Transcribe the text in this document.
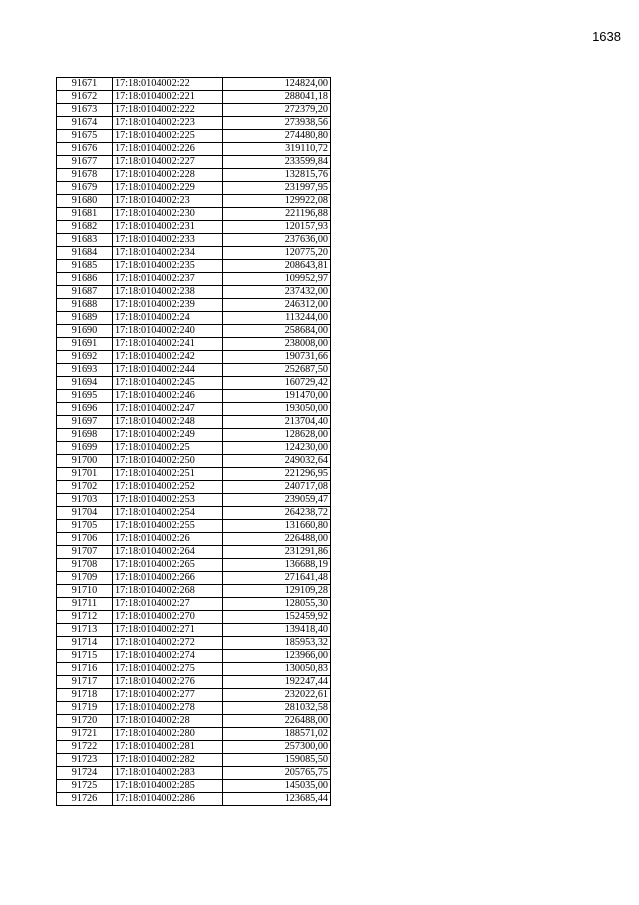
1638
91671	17:18:0104002:22	124824,00
91672	17:18:0104002:221	288041,18
91673	17:18:0104002:222	272379,20
91674	17:18:0104002:223	273938,56
91675	17:18:0104002:225	274480,80
91676	17:18:0104002:226	319110,72
91677	17:18:0104002:227	233599,84
91678	17:18:0104002:228	132815,76
91679	17:18:0104002:229	231997,95
91680	17:18:0104002:23	129922,08
91681	17:18:0104002:230	221196,88
91682	17:18:0104002:231	120157,93
91683	17:18:0104002:233	237636,00
91684	17:18:0104002:234	120775,20
91685	17:18:0104002:235	208643,81
91686	17:18:0104002:237	109952,97
91687	17:18:0104002:238	237432,00
91688	17:18:0104002:239	246312,00
91689	17:18:0104002:24	113244,00
91690	17:18:0104002:240	258684,00
91691	17:18:0104002:241	238008,00
91692	17:18:0104002:242	190731,66
91693	17:18:0104002:244	252687,50
91694	17:18:0104002:245	160729,42
91695	17:18:0104002:246	191470,00
91696	17:18:0104002:247	193050,00
91697	17:18:0104002:248	213704,40
91698	17:18:0104002:249	128628,00
91699	17:18:0104002:25	124230,00
91700	17:18:0104002:250	249032,64
91701	17:18:0104002:251	221296,95
91702	17:18:0104002:252	240717,08
91703	17:18:0104002:253	239059,47
91704	17:18:0104002:254	264238,72
91705	17:18:0104002:255	131660,80
91706	17:18:0104002:26	226488,00
91707	17:18:0104002:264	231291,86
91708	17:18:0104002:265	136688,19
91709	17:18:0104002:266	271641,48
91710	17:18:0104002:268	129109,28
91711	17:18:0104002:27	128055,30
91712	17:18:0104002:270	152459,92
91713	17:18:0104002:271	139418,40
91714	17:18:0104002:272	185953,32
91715	17:18:0104002:274	123966,00
91716	17:18:0104002:275	130050,83
91717	17:18:0104002:276	192247,44
91718	17:18:0104002:277	232022,61
91719	17:18:0104002:278	281032,58
91720	17:18:0104002:28	226488,00
91721	17:18:0104002:280	188571,02
91722	17:18:0104002:281	257300,00
91723	17:18:0104002:282	159085,50
91724	17:18:0104002:283	205765,75
91725	17:18:0104002:285	145035,00
91726	17:18:0104002:286	123685,44
